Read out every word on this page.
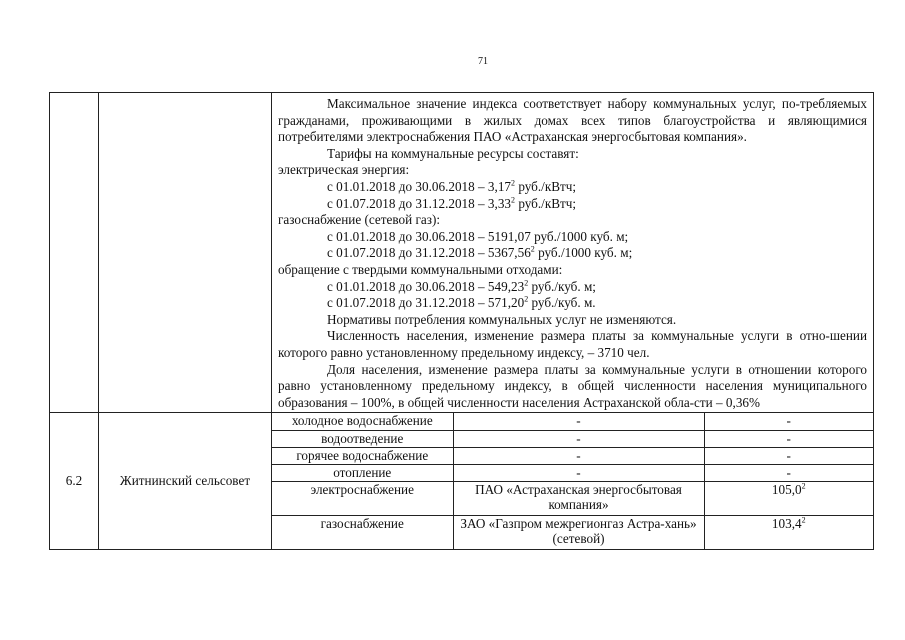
71

Максимальное значение индекса соответствует набору коммунальных услуг, по-требляемых гражданами, проживающими в жилых домах всех типов благоустройства и являющимися потребителями электроснабжения ПАО «Астраханская энергосбытовая компания».

Тарифы на коммунальные ресурсы составят:

электрическая энергия:

с 01.01.2018 до 30.06.2018 – 3,17$^2$ руб./кВтч;

с 01.07.2018 до 31.12.2018 – 3,33$^2$ руб./кВтч;

газоснабжение (сетевой газ):

с 01.01.2018 до 30.06.2018 – 5191,07 руб./1000 куб. м;

с 01.07.2018 до 31.12.2018 – 5367,56$^2$ руб./1000 куб. м;

обращение с твердыми коммунальными отходами:

с 01.01.2018 до 30.06.2018 – 549,23$^2$ руб./куб. м;

с 01.07.2018 до 31.12.2018 – 571,20$^2$ руб./куб. м.

Нормативы потребления коммунальных услуг не изменяются.

Численность населения, изменение размера платы за коммунальные услуги в отно-шении которого равно установленному предельному индексу, – 3710 чел.

Доля населения, изменение размера платы за коммунальные услуги в отношении которого равно установленному предельному индексу, в общей численности населения муниципального образования – 100%, в общей численности населения Астраханской обла-сти – 0,36%

6.2	Житнинский сельсовет	
холодное водоснабжение	-	-
водоотведение	-	-
горячее водоснабжение	-	-
отопление	-	-
электроснабжение	ПАО «Астраханская энергосбытовая компания»	105,0$^2$
газоснабжение	ЗАО «Газпром межрегионгаз Астра-хань» (сетевой)	103,4$^2$
